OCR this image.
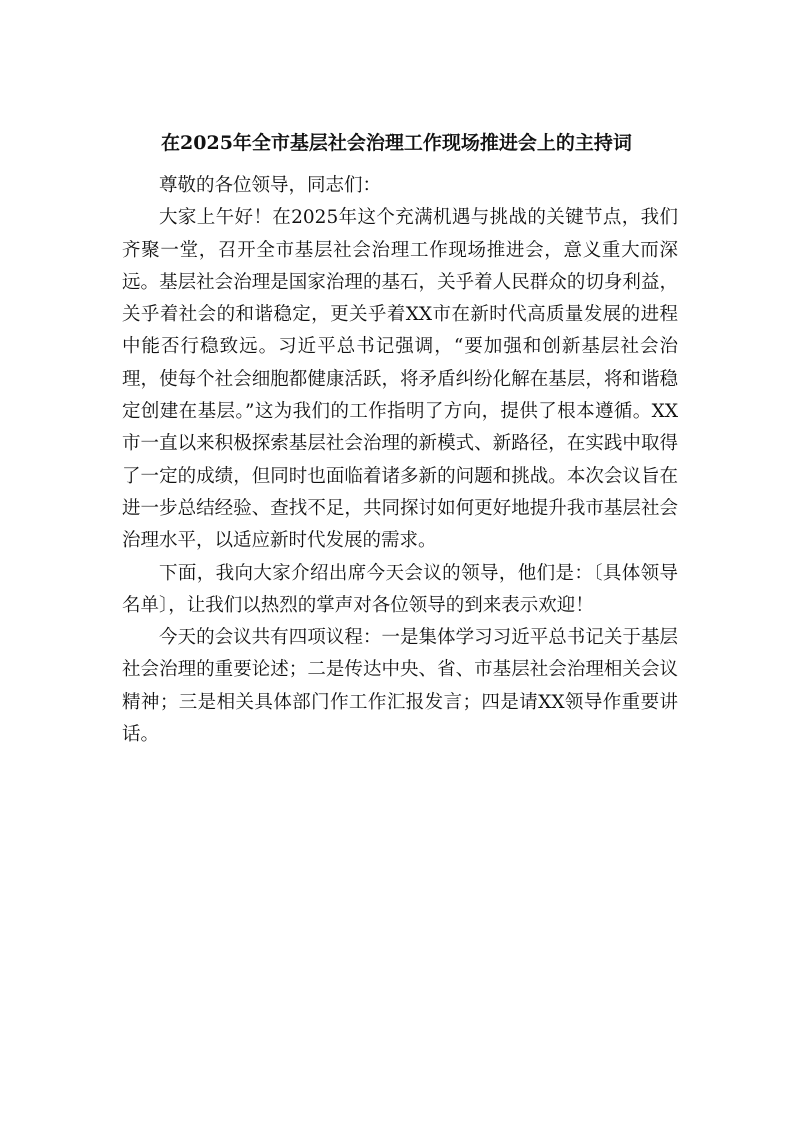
在2025年全市基层社会治理工作现场推进会上的主持词

尊敬的各位领导，同志们：

大家上午好！在2025年这个充满机遇与挑战的关键节点，我们齐聚一堂，召开全市基层社会治理工作现场推进会，意义重大而深远。基层社会治理是国家治理的基石，关乎着人民群众的切身利益，关乎着社会的和谐稳定，更关乎着XX市在新时代高质量发展的进程中能否行稳致远。习近平总书记强调，“要加强和创新基层社会治理，使每个社会细胞都健康活跃，将矛盾纠纷化解在基层，将和谐稳定创建在基层。”这为我们的工作指明了方向，提供了根本遵循。XX市一直以来积极探索基层社会治理的新模式、新路径，在实践中取得了一定的成绩，但同时也面临着诸多新的问题和挑战。本次会议旨在进一步总结经验、查找不足，共同探讨如何更好地提升我市基层社会治理水平，以适应新时代发展的需求。

下面，我向大家介绍出席今天会议的领导，他们是：〔具体领导名单〕，让我们以热烈的掌声对各位领导的到来表示欢迎！

今天的会议共有四项议程：一是集体学习习近平总书记关于基层社会治理的重要论述；二是传达中央、省、市基层社会治理相关会议精神；三是相关具体部门作工作汇报发言；四是请XX领导作重要讲话。
